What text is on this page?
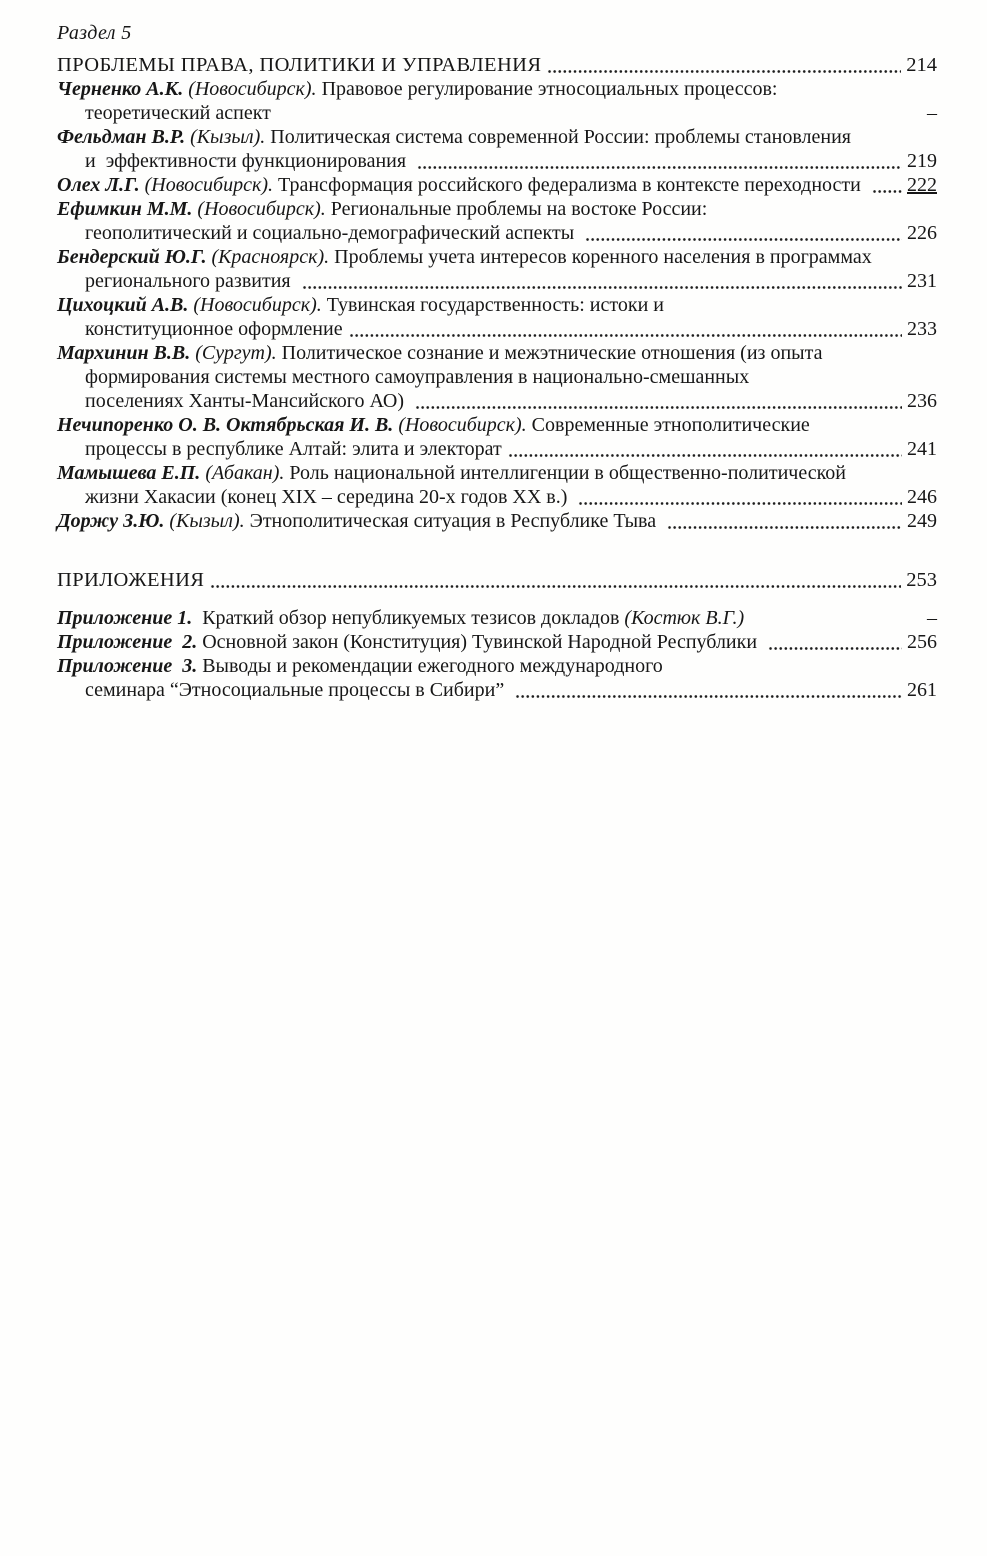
Раздел 5
ПРОБЛЕМЫ ПРАВА, ПОЛИТИКИ И УПРАВЛЕНИЯ	214
Черненко А.К. (Новосибирск). Правовое регулирование этносоциальных процессов:
теоретический аспект	–
Фельдман В.Р. (Кызыл). Политическая система современной России: проблемы становления
и  эффективности функционирования	219
Олех Л.Г. (Новосибирск). Трансформация российского федерализма в контексте переходности 222
Ефимкин М.М. (Новосибирск). Региональные проблемы на востоке России:
геополитический и социально-демографический аспекты	226
Бендерский Ю.Г. (Красноярск). Проблемы учета интересов коренного населения в программах
регионального развития	231
Цихоцкий А.В. (Новосибирск). Тувинская государственность: истоки и
конституционное оформление	233
Мархинин В.В. (Сургут). Политическое сознание и межэтнические отношения (из опыта
формирования системы местного самоуправления в национально-смешанных
поселениях Ханты-Мансийского АО)	236
Нечипоренко О. В. Октябрьская И. В. (Новосибирск). Современные этнополитические
процессы в республике Алтай: элита и электорат	241
Мамышева Е.П. (Абакан). Роль национальной интеллигенции в общественно-политической
жизни Хакасии (конец XIX – середина 20-х годов XX в.)	246
Доржу З.Ю. (Кызыл). Этнополитическая ситуация в Республике Тыва	249
ПРИЛОЖЕНИЯ	253
Приложение 1.  Краткий обзор непубликуемых тезисов докладов (Костюк В.Г.)	–
Приложение  2. Основной закон (Конституция) Тувинской Народной Республики	256
Приложение  3. Выводы и рекомендации ежегодного международного
семинара “Этносоциальные процессы в Сибири”	261
